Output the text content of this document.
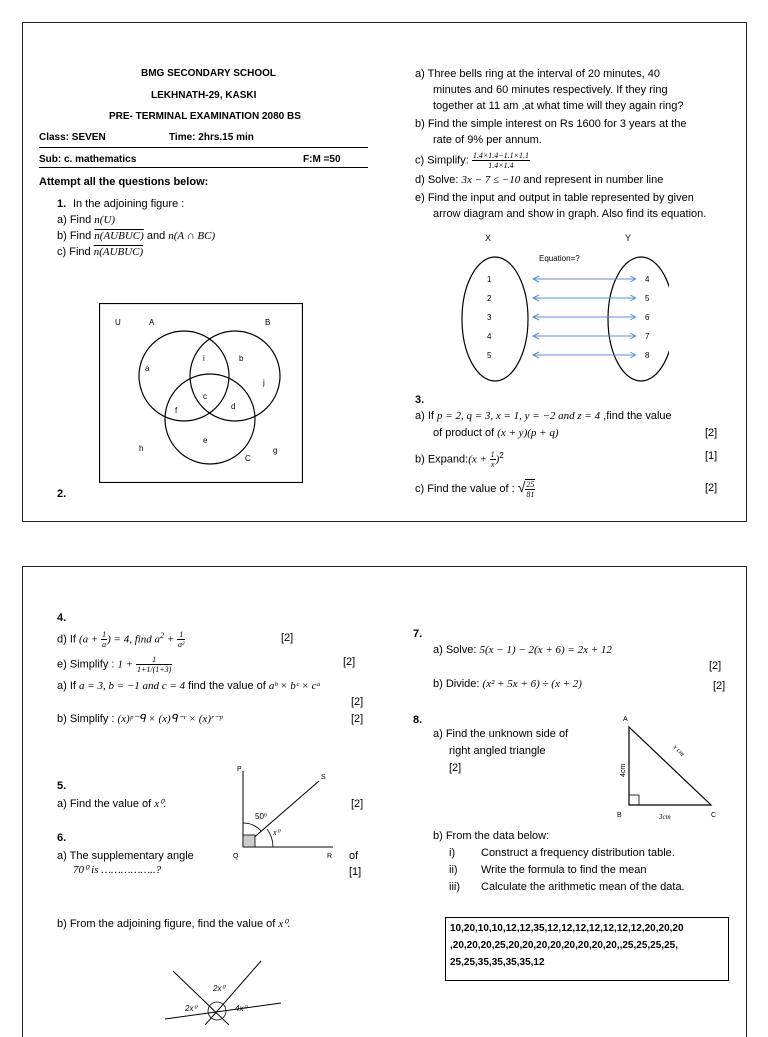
BMG SECONDARY SCHOOL
LEKHNATH-29, KASKI
PRE- TERMINAL EXAMINATION 2080 BS
Class: SEVEN	Time: 2hrs.15 min
Sub: c. mathematics	F:M =50
Attempt all the questions below:
1. In the adjoining figure :
a) Find n(U)
b) Find n(AUBUC) and n(A ∩ BC)
c) Find n(AUBUC)
U	A	B
a
i	b
j
c
f	d
e
h
C
g
2.
a) Three bells ring at the interval of 20 minutes, 40
minutes and 60 minutes respectively. If they ring
together at 11 am ,at what time will they again ring?
b) Find the simple interest on Rs 1600 for 3 years at the
rate of 9% per annum.
c) Simplify: $\frac{1.4\times 1.4-1.1\times 1.1}{1.4\times 1.4}$
d) Solve: 3x − 7 ≤ −10 and represent in number line
e) Find the input and output in table represented by given
arrow diagram and show in graph. Also find its equation.
X	Y
Equation=?
1
2
3
4
5
4
5
6
7
8
3.
a) If p = 2, q = 3, x = 1, y = −2 and z = 4 ,find the value
of product of (x + y)(p + q)	[2]
b) Expand:(x + $\frac{1}{x} )^2$	[1]
c) Find the value of : √ $\frac{25}{81}$	[2]
4.
d) If ($a + \frac{1}{a}$ ) = 4, find $a^2 + \frac{1}{\text{a²}}$	[2]
e) Simplify : $1 + \frac{1}{1+1/(1+3)}$	[2]
a) If a = 3, b = −1 and c = 4 find the value of aᵇ × bᶜ × cᵃ
[2]
b) Simplify : (x)ᵖ⁻ᑫ × (x)ᑫ⁻ʳ × (x)ʳ⁻ᵖ	[2]
5.
a) Find the value of x⁰.	[2]
P
S
Q	R
50⁰
x⁰
6.
a) The supplementary angle	of
70⁰ is ……………..?	[1]
b) From the adjoining figure, find the value of x⁰.
2x⁰
2x⁰	4x⁰
7.
a) Solve: 5(x − 1) − 2(x + 6) = 2x + 12
[2]
b) Divide: (x² + 5x + 6) ÷ (x + 2)	[2]
8.
a) Find the unknown side of
right angled triangle
[2]
A
B	C
3cm
4cm
x cm
b) From the data below:
i) Construct a frequency distribution table.
ii) Write the formula to find the mean
iii) Calculate the arithmetic mean of the data.
10,20,10,10,12,12,35,12,12,12,12,12,12,12,20,20,20
,20,20,20,25,20,20,20,20,20,20,20,20,,25,25,25,25,
25,25,35,35,35,35,12
